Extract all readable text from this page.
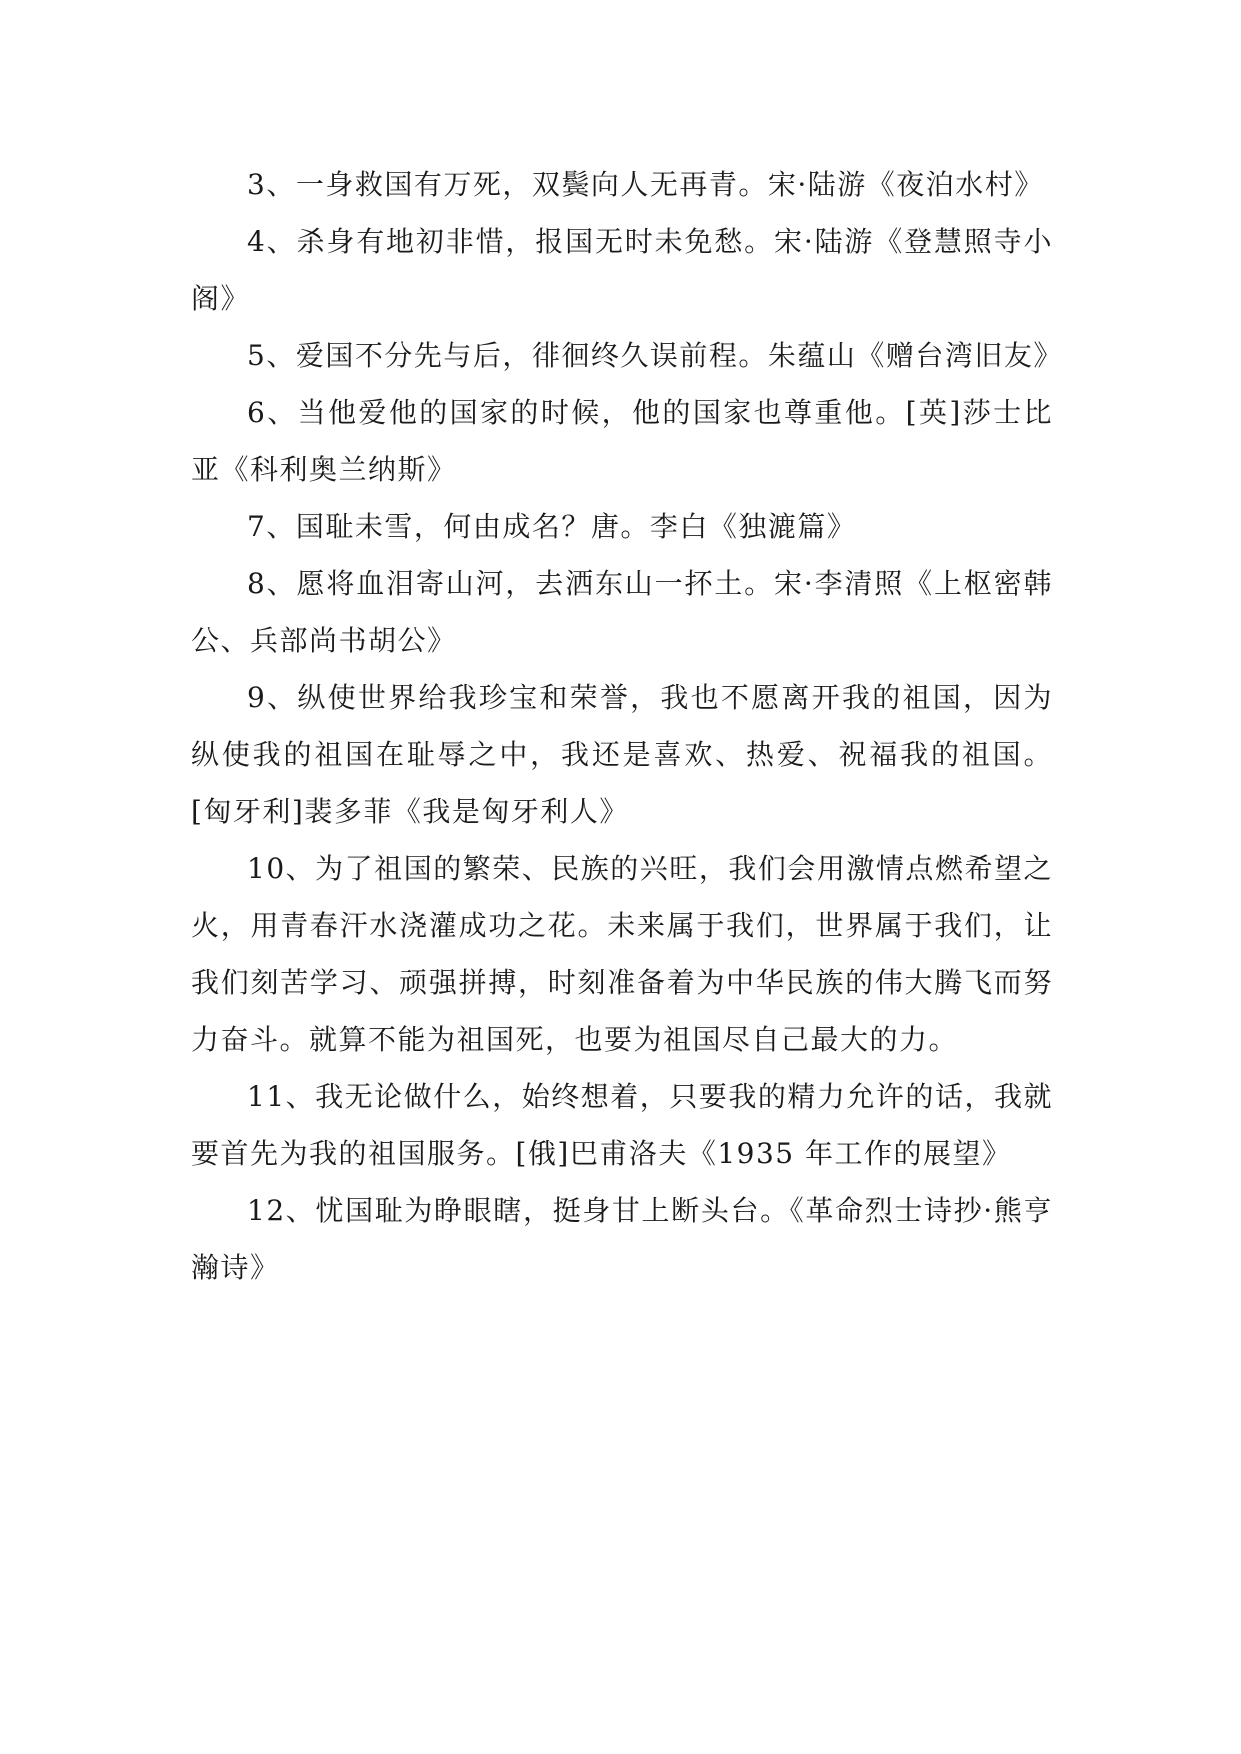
3、一身救国有万死，双鬓向人无再青。宋·陆游《夜泊水村》

4、杀身有地初非惜，报国无时未免愁。宋·陆游《登慧照寺小阁》

5、爱国不分先与后，徘徊终久误前程。朱蕴山《赠台湾旧友》

6、当他爱他的国家的时候，他的国家也尊重他。[英]莎士比亚《科利奥兰纳斯》

7、国耻未雪，何由成名？唐。李白《独漉篇》

8、愿将血泪寄山河，去洒东山一抔土。宋·李清照《上枢密韩公、兵部尚书胡公》

9、纵使世界给我珍宝和荣誉，我也不愿离开我的祖国，因为纵使我的祖国在耻辱之中，我还是喜欢、热爱、祝福我的祖国。[匈牙利]裴多菲《我是匈牙利人》

10、为了祖国的繁荣、民族的兴旺，我们会用激情点燃希望之火，用青春汗水浇灌成功之花。未来属于我们，世界属于我们，让我们刻苦学习、顽强拼搏，时刻准备着为中华民族的伟大腾飞而努力奋斗。就算不能为祖国死，也要为祖国尽自己最大的力。

11、我无论做什么，始终想着，只要我的精力允许的话，我就要首先为我的祖国服务。[俄]巴甫洛夫《1935 年工作的展望》

12、忧国耻为睁眼瞎，挺身甘上断头台。《革命烈士诗抄·熊亨瀚诗》
